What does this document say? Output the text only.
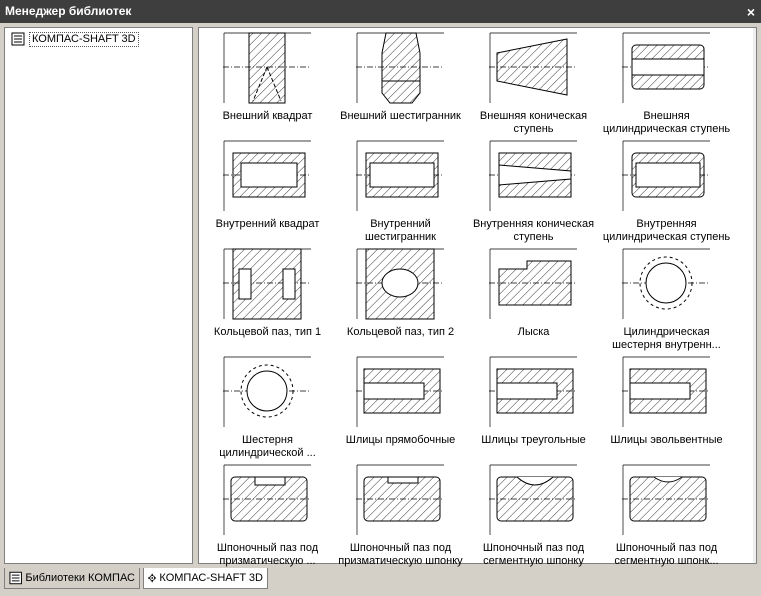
Менеджер библиотек	×
КОМПАС-SHAFT 3D
Внешний квадрат	Внешний шестигранник	Внешняя коническая ступень
Внешняя цилиндрическая ступень
Внутренний квадрат	Внутренний шестигранник
Внутренняя коническая ступень
Внутренняя цилиндрическая ступень
Кольцевой паз, тип 1	Кольцевой паз, тип 2	Лыска	Цилиндрическая шестерня внутренн...
Шестерня цилиндрической ...
Шлицы прямобочные	Шлицы треугольные	Шлицы эвольвентные
Шпоночный паз под призматическую ...
Шпоночный паз под призматическую шпонку
Шпоночный паз под сегментную шпонку
Шпоночный паз под сегментную шпонк...
Библиотеки КОМПАС КОМПАС-SHAFT 3D
